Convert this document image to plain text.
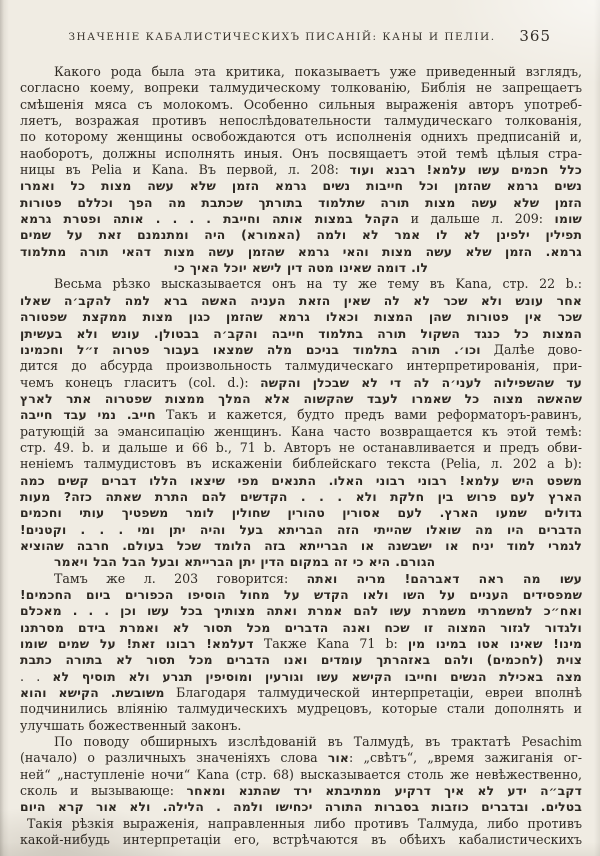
ЗНАЧЕНІЕ КАБАЛИСТИЧЕСКИХЪ ПИСАНІЙ: КАНЫ И ПЕЛІИ.	365
Какого рода была эта критика, показываетъ уже приведенный взглядъ,
согласно коему, вопреки талмудическому толкованію, Библія не запрещаетъ
смѣшенія мяса съ молокомъ. Особенно сильныя выраженія авторъ употреб-
ляетъ, возражая противъ непослѣдовательности талмудическаго толкованія,
по которому женщины освобождаются отъ исполненія однихъ предписаній и,
наоборотъ, должны исполнять иныя. Онъ посвящаетъ этой темѣ цѣлыя стра-
ницы въ Pelia и Kana. Въ первой, л. 208: ועוד רבנא עלמא! עשו חכמים כלל
ואמרו כל מצות עשה שלא הזמן גרמא נשים חייבות וכל שהזמן גרמא נשים
פטורות וכללם הפך מה שכתבת בתורתך שתלמוד תורה מצות עשה שלא הזמן
גרמא ופטרת אותה . . . . וחייבת אותה במצות הקהל и дальше л. 209: שומו
שמים על זאת ומתנמנם היה (האמורא) ולמה לא אמר לו לא ילפינן תפילין
מתלמוד תורה דהאי מצות עשה שהזמן גרמא והאי מצות עשה שלא הזמן גרמא.
כי האיך יוכל לישא דין מטה שאינו דומה לו.
Весьма рѣзко высказывается онъ на ту же тему въ Kana, стр. 22 b.:
שאלו להקב׳ה למה ברא האשה העניה הזאת שאין לה לא שכר ולא עונש אחר
שפטורה ממקצת מצות כגון שהזמן גרמא וכאלו המצות שהן פטורות אין שכר
בעשיתן ולא עונש בבטולן. והקב׳ה חייבה בתלמוד תורה השקול כנגד כל המצות
וחכמינו ז״ל פטרוה בעבור שמצאו מלה בניכם בתלמוד תורה וכו׳. Далѣе дово-
дится до абсурда произвольность талмудическаго интерпретированія, при-
чемъ конецъ гласитъ (col. d.): והקשה שבכלן לא די לה לעני׳ה שהשפילוה עד
לארץ אתר שפטרוה ממצות המלך אלא שהקשוה לעבד שאמרו כל מצוה שהאשה
חייבה עבד נמי חייב. Такъ и кажется, будто предъ вами реформаторъ-равинъ,
ратующій за эмансипацію женщинъ. Кана часто возвращается къ этой темѣ:
стр. 49. b. и дальше и 66 b., 71 b. Авторъ не останавливается и предъ обви-
неніемъ талмудистовъ въ искаженіи библейскаго текста (Pelia, л. 202 a b):
כמה קשים דברים הללו שיצאו מפי התנאים האלו. רבוני רבוני עלמא! היש משפט
מעות כזה? שאתה התרת להם הקדשים . . . ולא חלקת בין פרוש לעם הארץ
וחכמים עותי משפטיך לומר שחולין טהורין אסורין לעם הארץ. שמעו גדולים
וקטנים! . . . ומי יתן והיה בעל הבריתא הזה שהייתי שואלו מה היו הדברים
שהוציא חרבה בעולם. שכל הלומד בזה הברייתא או ישבשנה או יניח למוד לגמרי
ויאמר הבל הבל ובעל הברייתא יתן הדין במקום זה כי היא הגורם.
Тамъ же л. 203 говорится: ואתה מריה דאברהם! ראה מה עשו
החכמים! ביום הכפורים הוסיפו מחול על הקדש ולאו השו על העניים שמפסידים
מאכלם . . . וכן עשו בכל מצותיך ואתה אמרת להם עשו משמרת למשמרתי ואח״כ
מסרתנו בידם ואמרת לא תסור מכל הדברים ואנה שכח זו המצוה לגזור ולגדור
שומו שמים על זאת! רבונו דעלמא! Также Kana 71 b: מין במינו אטו שאינו מינו!
כתבת בתורה לא תסור מכל הדברים ואנו עומדים באזהרתך ולהם (לחכמים) צוית
. . לא תוסיף ולא תגרע ומוסיפין וגורעין עשו הקישא וחייבו הנשים באכילת מצה
והוא הקישא משובשת. Благодаря талмудической интерпретаціи, евреи вполнѣ
подчинились вліянію талмудическихъ мудрецовъ, которые стали дополнять и
улучшать божественный законъ.
По поводу обширныхъ изслѣдованій въ Талмудѣ, въ трактатѣ Pesachim
(начало) о различныхъ значеніяхъ слова אור: „свѣтъ“, „время зажиганія ог-
ней“ „наступленіе ночи“ Kana (стр. 68) высказывается столь же невѣжественно,
сколь и вызывающе: ומאחר שהתנא ירד ממתיבתא דרקיע איך לא ידע דקב״ה
היום קרא אור ולא הלילה. . ולמה יכחישו התורה בסברות כוזבות ובדברים בטלים.
Такія рѣзкія выраженія, направленныя либо противъ Талмуда, либо противъ
какой-нибудь интерпретаціи его, встрѣчаются въ обѣихъ кабалистическихъ
